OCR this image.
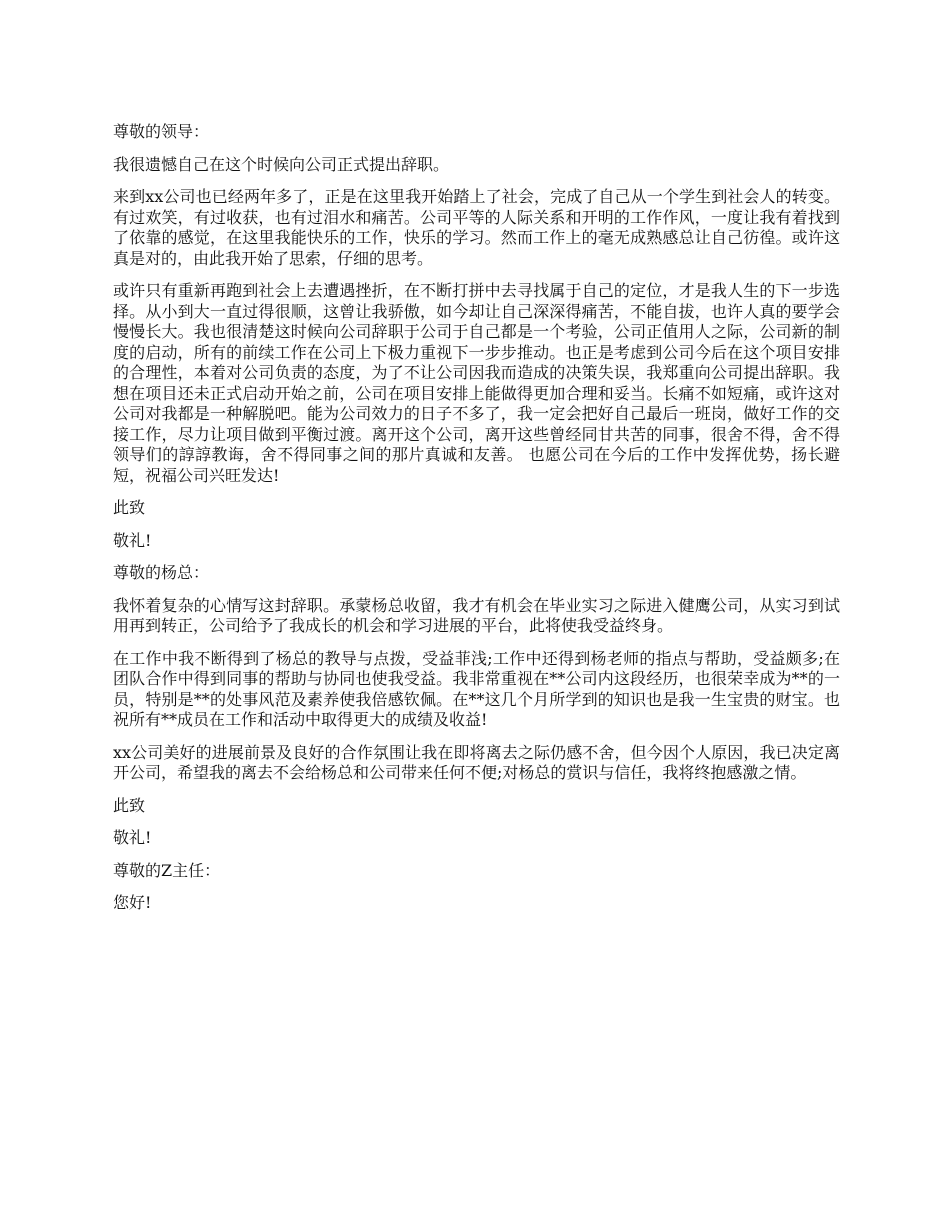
尊敬的领导：

我很遗憾自己在这个时候向公司正式提出辞职。

来到xx公司也已经两年多了，正是在这里我开始踏上了社会，完成了自己从一个学生到社会人的转变。有过欢笑，有过收获，也有过泪水和痛苦。公司平等的人际关系和开明的工作作风，一度让我有着找到了依靠的感觉，在这里我能快乐的工作，快乐的学习。然而工作上的毫无成熟感总让自己彷徨。或许这真是对的，由此我开始了思索，仔细的思考。

或许只有重新再跑到社会上去遭遇挫折，在不断打拼中去寻找属于自己的定位，才是我人生的下一步选择。从小到大一直过得很顺，这曾让我骄傲，如今却让自己深深得痛苦，不能自拔，也许人真的要学会慢慢长大。我也很清楚这时候向公司辞职于公司于自己都是一个考验，公司正值用人之际，公司新的制度的启动，所有的前续工作在公司上下极力重视下一步步推动。也正是考虑到公司今后在这个项目安排的合理性，本着对公司负责的态度，为了不让公司因我而造成的决策失误，我郑重向公司提出辞职。我想在项目还未正式启动开始之前，公司在项目安排上能做得更加合理和妥当。长痛不如短痛，或许这对公司对我都是一种解脱吧。能为公司效力的日子不多了，我一定会把好自己最后一班岗，做好工作的交接工作，尽力让项目做到平衡过渡。离开这个公司，离开这些曾经同甘共苦的同事，很舍不得，舍不得领导们的諄諄教诲，舍不得同事之间的那片真诚和友善。 也愿公司在今后的工作中发挥优势，扬长避短，祝福公司兴旺发达!

此致

敬礼!

尊敬的杨总：

我怀着复杂的心情写这封辞职。承蒙杨总收留，我才有机会在毕业实习之际进入健鹰公司，从实习到试用再到转正，公司给予了我成长的机会和学习进展的平台，此将使我受益终身。

在工作中我不断得到了杨总的教导与点拨，受益菲浅;工作中还得到杨老师的指点与帮助，受益颇多;在团队合作中得到同事的帮助与协同也使我受益。我非常重视在**公司内这段经历，也很荣幸成为**的一员，特别是**的处事风范及素养使我倍感钦佩。在**这几个月所学到的知识也是我一生宝贵的财宝。也祝所有**成员在工作和活动中取得更大的成绩及收益!

xx公司美好的进展前景及良好的合作氛围让我在即将离去之际仍感不舍，但今因个人原因，我已决定离开公司，希望我的离去不会给杨总和公司带来任何不便;对杨总的赏识与信任，我将终抱感激之情。

此致

敬礼!

尊敬的Z主任：

您好!
